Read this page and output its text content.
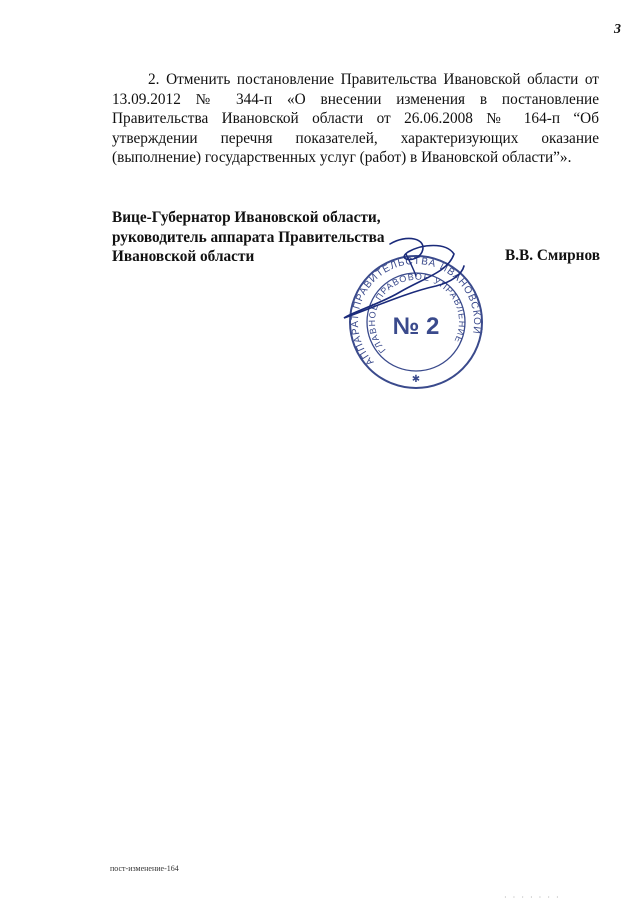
3
2. Отменить постановление Правительства Ивановской области от 13.09.2012 № 344-п «О внесении изменения в постановление Правительства Ивановской области от 26.06.2008 № 164-п “Об утверждении перечня показателей, характеризующих оказание (выполнение) государственных услуг (работ) в Ивановской области”».
Вице-Губернатор Ивановской области,
руководитель аппарата Правительства
Ивановской области	В.В. Смирнов
АППАРАТ ПРАВИТЕЛЬСТВА ИВАНОВСКОЙ
ГЛАВНОЕ ПРАВОВОЕ УПРАВЛЕНИЕ
№ 2
✱
пост-изменение-164
· · · · · · ·
